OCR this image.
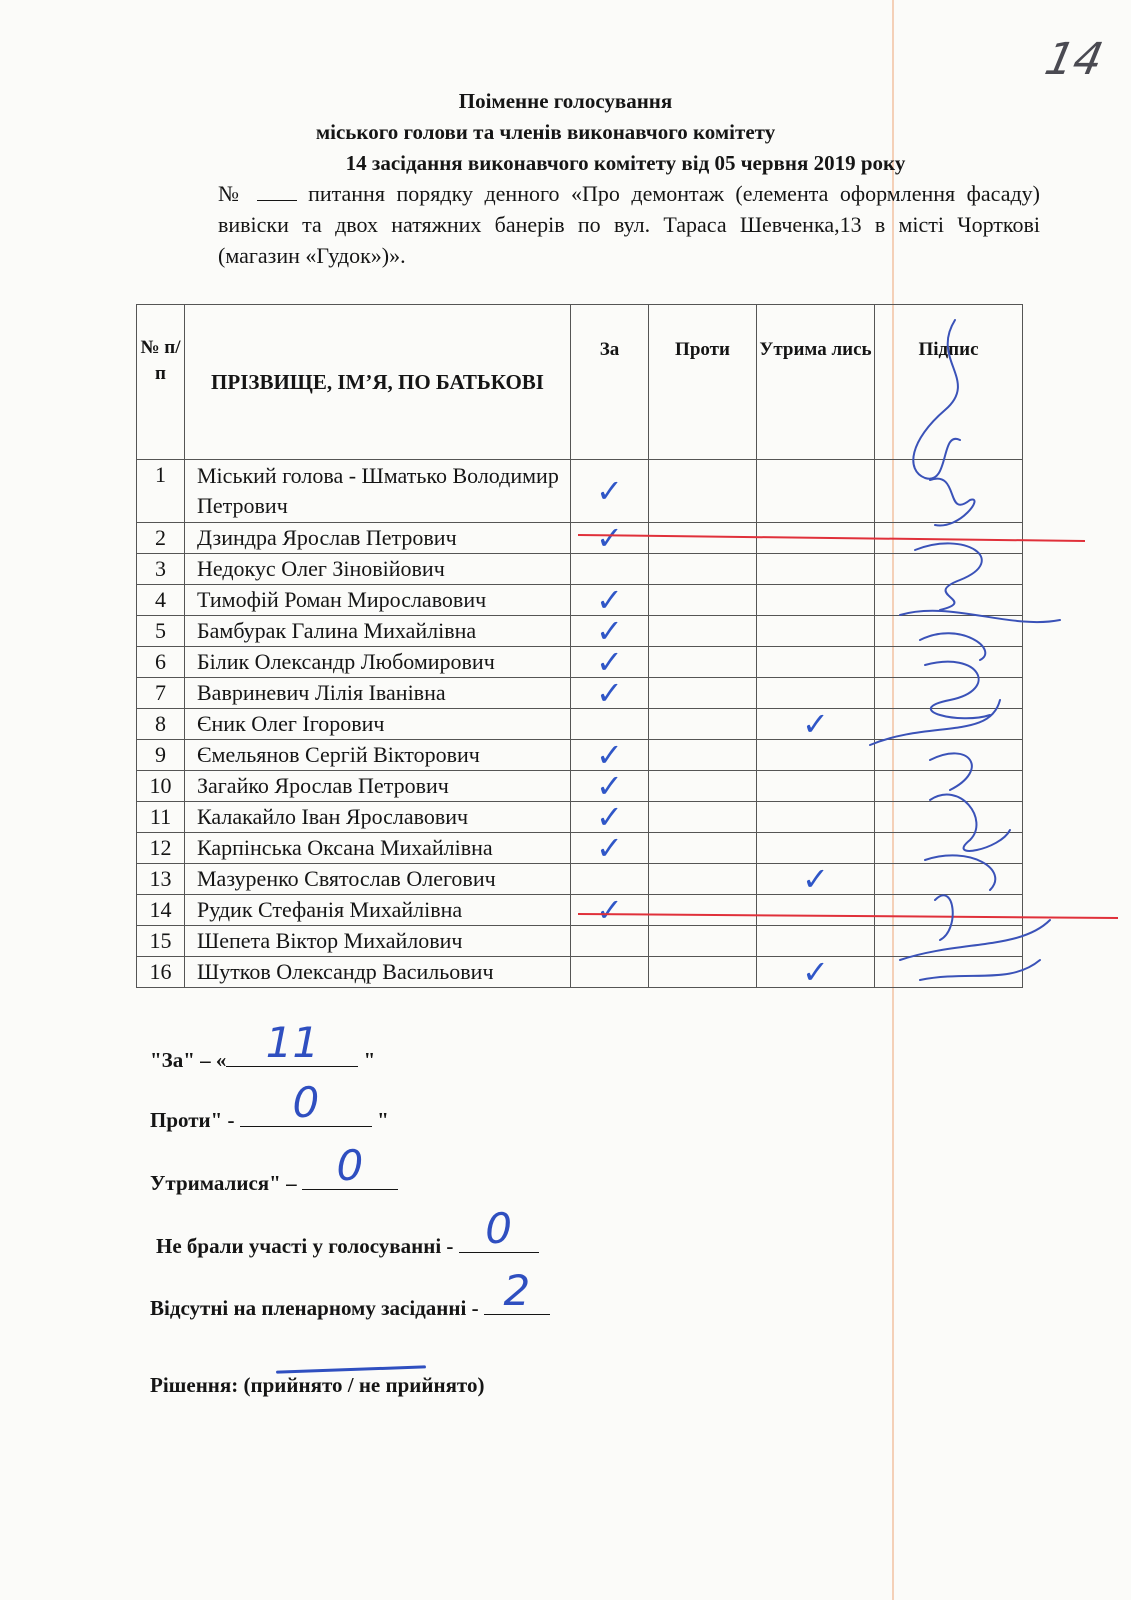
14
Поіменне голосування
міського голови та членів виконавчого комітету
14 засідання виконавчого комітету від 05 червня 2019 року
№	питання порядку денного «Про демонтаж (елемента оформлення фасаду) вивіски та двох натяжних банерів по вул. Тараса Шевченка,13 в місті Чорткові (магазин «Гудок»)».
№ п/п	ПРІЗВИЩЕ, ІМ’Я, ПО БАТЬКОВІ	За	Проти	Утрима лись	Підпис
1	Міський голова - Шматько Володимир Петрович	✓			

2	Дзиндра Ярослав Петрович	✓			

3	Недокус Олег Зіновійович				
4	Тимофій Роман Мирославович	✓			

5	Бамбурак Галина Михайлівна	✓			

6	Білик Олександр Любомирович	✓			

7	Вавриневич Лілія Іванівна	✓			

8	Єник Олег Ігорович			✓	

9	Ємельянов Сергій Вікторович	✓			

10	Загайко Ярослав Петрович	✓			

11	Калакайло Іван Ярославович	✓			

12	Карпінська Оксана Михайлівна	✓			

13	Мазуренко Святослав Олегович			✓	

14	Рудик Стефанія Михайлівна	✓			

15	Шепета Віктор Михайлович				
16	Шутков Олександр Васильович			✓	

"За" – « 11	"
Проти" -	0	"
Утрималися" – 0
Не брали участі у голосуванні - 0
Відсутні на пленарному засіданні - 2
Рішення: (прийнято / не прийнято)
